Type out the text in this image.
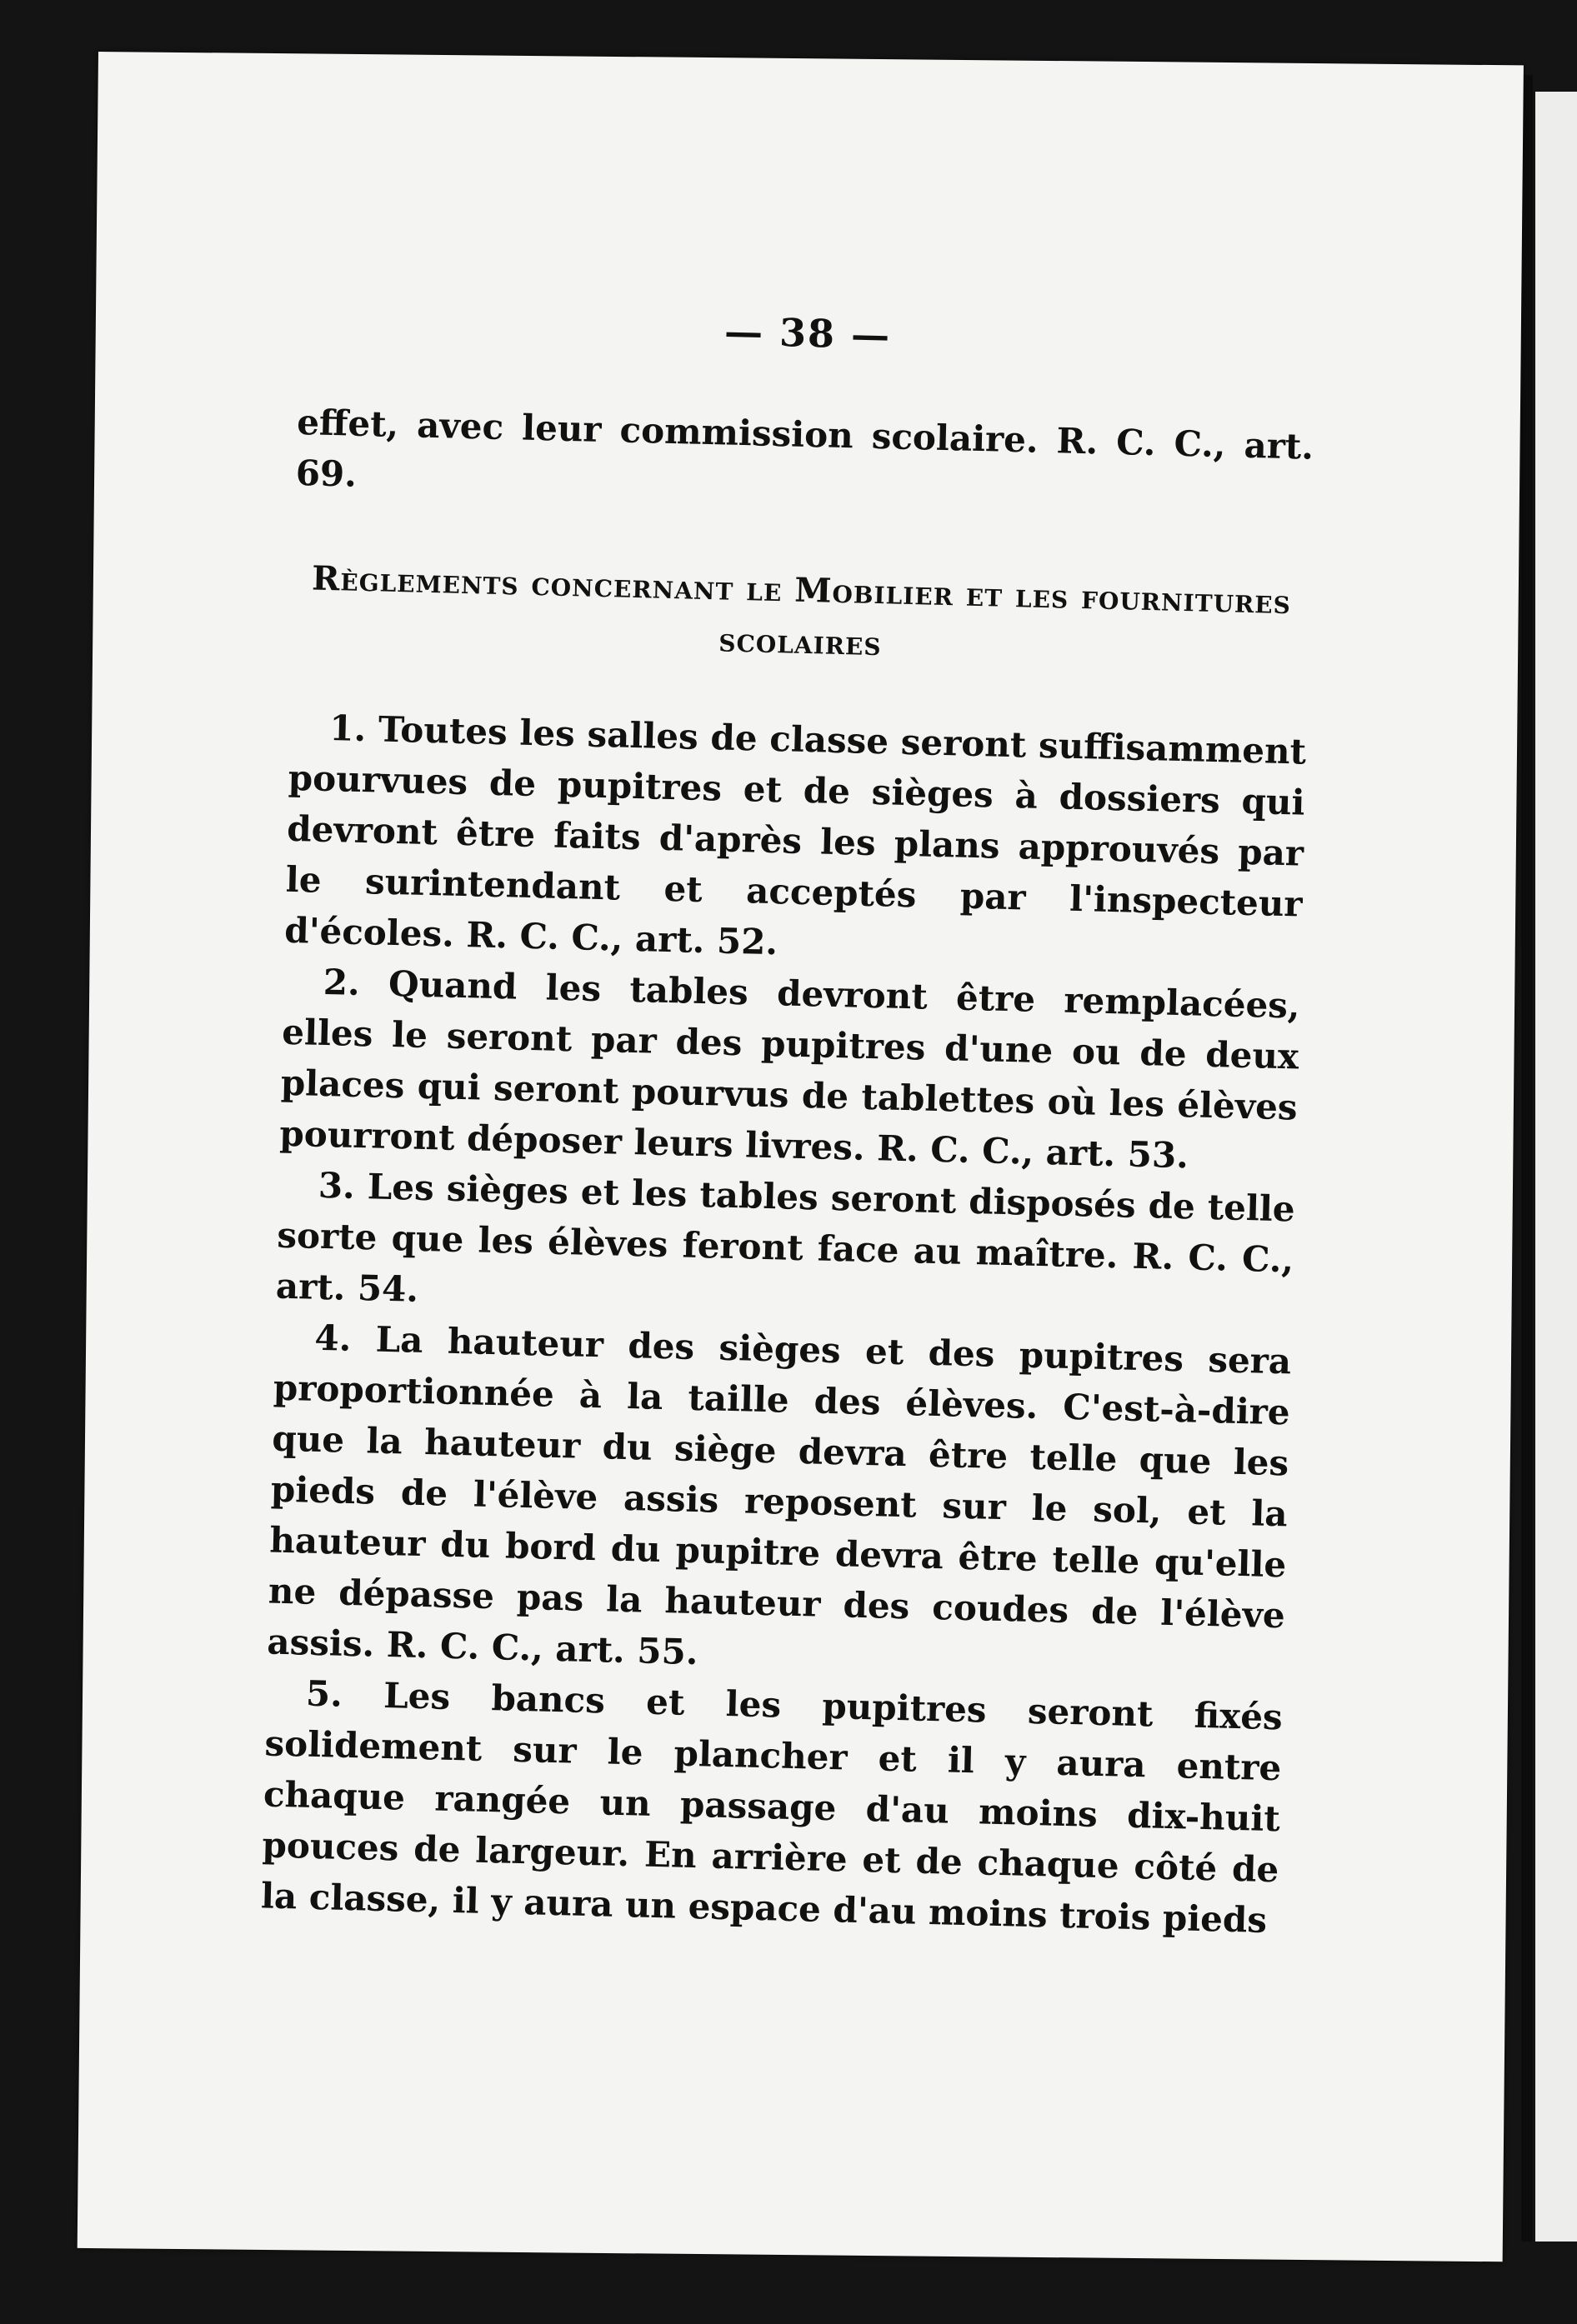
— 38 —

effet, avec leur commission scolaire. R. C. C., art. 69.

Règlements concernant le Mobilier et les fournitures scolaires

1. Toutes les salles de classe seront suffisamment pourvues de pupitres et de sièges à dossiers qui devront être faits d'après les plans approuvés par le surintendant et acceptés par l'inspecteur d'écoles. R. C. C., art. 52.

2. Quand les tables devront être remplacées, elles le seront par des pupitres d'une ou de deux places qui seront pourvus de tablettes où les élèves pourront déposer leurs livres. R. C. C., art. 53.

3. Les sièges et les tables seront disposés de telle sorte que les élèves feront face au maître. R. C. C., art. 54.

4. La hauteur des sièges et des pupitres sera proportionnée à la taille des élèves. C'est-à-dire que la hauteur du siège devra être telle que les pieds de l'élève assis reposent sur le sol, et la hauteur du bord du pupitre devra être telle qu'elle ne dépasse pas la hauteur des coudes de l'élève assis. R. C. C., art. 55.

5. Les bancs et les pupitres seront fixés solidement sur le plancher et il y aura entre chaque rangée un passage d'au moins dix-huit pouces de largeur. En arrière et de chaque côté de la classe, il y aura un espace d'au moins trois pieds
